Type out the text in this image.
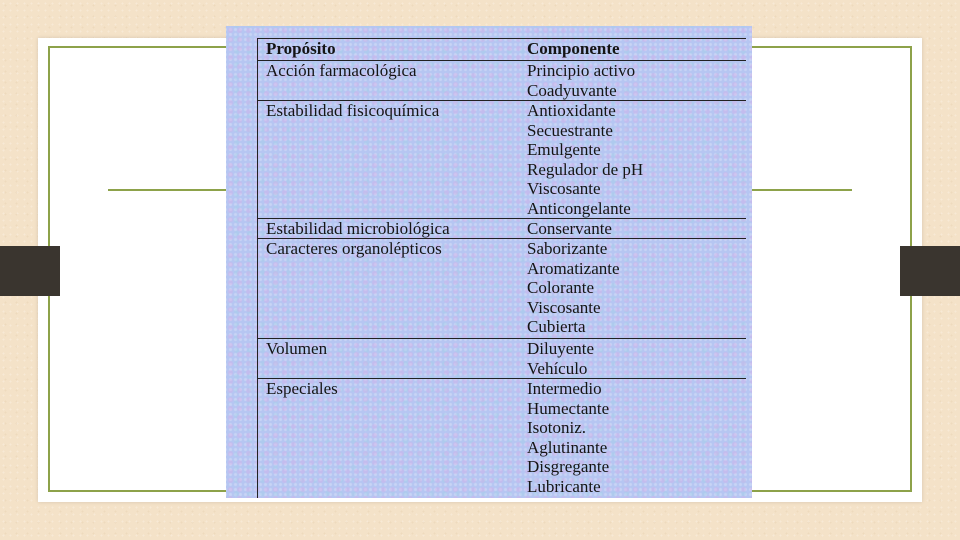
Propósito	Componente
Acción farmacológica	Principio activo
Coadyuvante
Estabilidad fisicoquímica	Antioxidante
Secuestrante
Emulgente
Regulador de pH
Viscosante
Anticongelante
Estabilidad microbiológica	Conservante
Caracteres organolépticos	Saborizante
Aromatizante
Colorante
Viscosante
Cubierta
Volumen	Diluyente
Vehículo
Especiales	Intermedio
Humectante
Isotoniz.
Aglutinante
Disgregante
Lubricante
